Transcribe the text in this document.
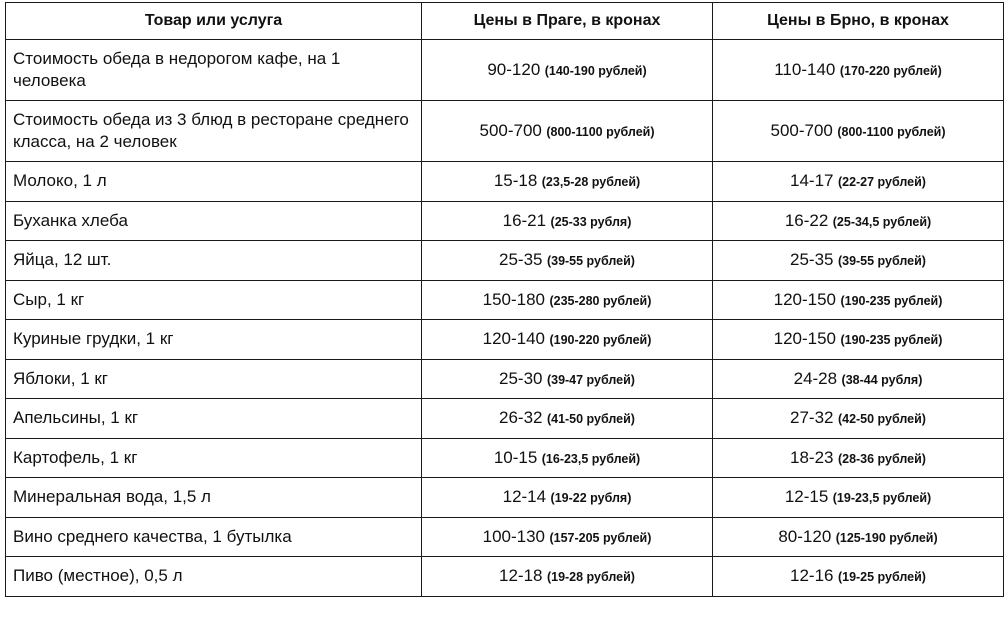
Товар или услуга	Цены в Праге, в кронах	Цены в Брно, в кронах
Стоимость обеда в недорогом кафе, на 1 человека	90-120 (140-190 рублей)	110-140 (170-220 рублей)
Стоимость обеда из 3 блюд в ресторане среднего класса, на 2 человек	500-700 (800-1100 рублей)	500-700 (800-1100 рублей)
Молоко, 1 л	15-18 (23,5-28 рублей)	14-17 (22-27 рублей)
Буханка хлеба	16-21 (25-33 рубля)	16-22 (25-34,5 рублей)
Яйца, 12 шт.	25-35 (39-55 рублей)	25-35 (39-55 рублей)
Сыр, 1 кг	150-180 (235-280 рублей)	120-150 (190-235 рублей)
Куриные грудки, 1 кг	120-140 (190-220 рублей)	120-150 (190-235 рублей)
Яблоки, 1 кг	25-30 (39-47 рублей)	24-28 (38-44 рубля)
Апельсины, 1 кг	26-32 (41-50 рублей)	27-32 (42-50 рублей)
Картофель, 1 кг	10-15 (16-23,5 рублей)	18-23 (28-36 рублей)
Минеральная вода, 1,5 л	12-14 (19-22 рубля)	12-15 (19-23,5 рублей)
Вино среднего качества, 1 бутылка	100-130 (157-205 рублей)	80-120 (125-190 рублей)
Пиво (местное), 0,5 л	12-18 (19-28 рублей)	12-16 (19-25 рублей)
